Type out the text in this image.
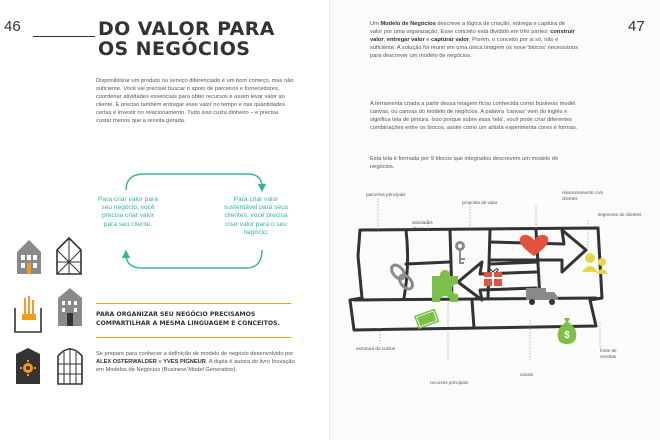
46	DO VALOR PARA
OS NEGÓCIOS

Disponibilizar um produto ou serviço diferenciado é um bom começo, mas não suficiente. Você vai precisar buscar o apoio de parceiros e fornecedores, coordenar atividades essenciais para obter recursos e assim levar valor ao cliente. É preciso também entregar esse valor no tempo e nas quantidades certas e investir no relacionamento. Tudo isso custa dinheiro – e precisa custar menos que a receita gerada.

Para criar valor para seu negócio, você precisa criar valor para seu cliente.
Para criar valor sustentável para seus clientes, você precisa criar valor para o seu negócio.
PARA ORGANIZAR SEU NEGÓCIO PRECISAMOS COMPARTILHAR A MESMA LINGUAGEM E CONCEITOS.

Se prepare para conhecer a definição de modelo de negócio desenvolvido por ALEX OSTERWALDER e YVES PIGNEUR. A dupla é autora do livro Inovação em Modelos de Negócios (Business Model Generation).

47

Um Modelo de Negócios descreve a lógica de criação, entrega e captura de valor por uma organização. Esse conceito está dividido em três partes: construir valor, entregar valor e capturar valor. Porém, o conceito por si só, não é suficiente. A solução foi reunir em uma única imagem os nove 'blocos' necessários para descrever um modelo de negócios.

A ferramenta criada a partir dessa imagem ficou conhecida como business model canvas, ou canvas do modelo de negócios. A palavra 'canvas' vem do inglês e significa tela de pintura. Isso porque sobre essa 'tela', você pode criar diferentes combinações entre os blocos, assim como um artista experimenta cores e formas.

Esta tela é formada por 9 blocos que integrados descrevem um modelo de negócios.

$
parcerias principais
atividades chave
proposta de valor
relacionamento com clientes
segmento de clientes
estrutura de custos
recursos principais
canais
fonte de receitas
